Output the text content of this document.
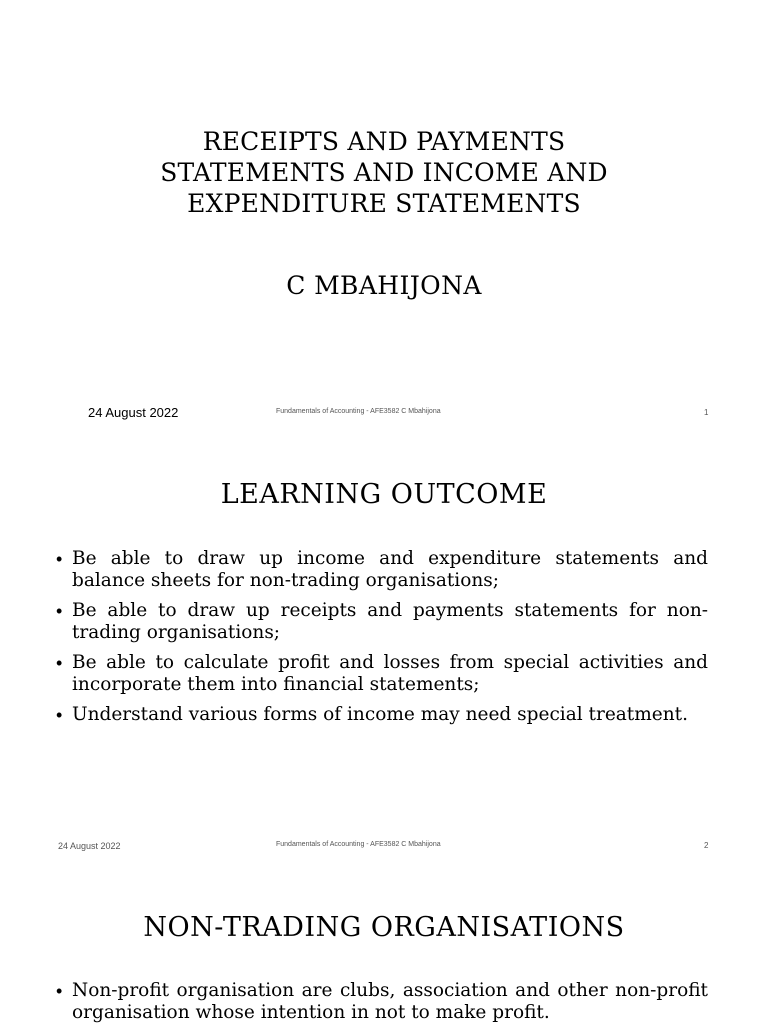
RECEIPTS AND PAYMENTS
STATEMENTS AND INCOME AND
EXPENDITURE STATEMENTS
C MBAHIJONA
24 August 2022	Fundamentals of Accounting - AFE3582 C Mbahijona	1
LEARNING OUTCOME
• Be able to draw up income and expenditure statements and balance sheets for non-trading organisations;
• Be able to draw up receipts and payments statements for non-trading organisations;
• Be able to calculate profit and losses from special activities and incorporate them into financial statements;
• Understand various forms of income may need special treatment.
24 August 2022	Fundamentals of Accounting - AFE3582 C Mbahijona	2
NON-TRADING ORGANISATIONS
• Non-profit organisation are clubs, association and other non-profit organisation whose intention in not to make profit.
